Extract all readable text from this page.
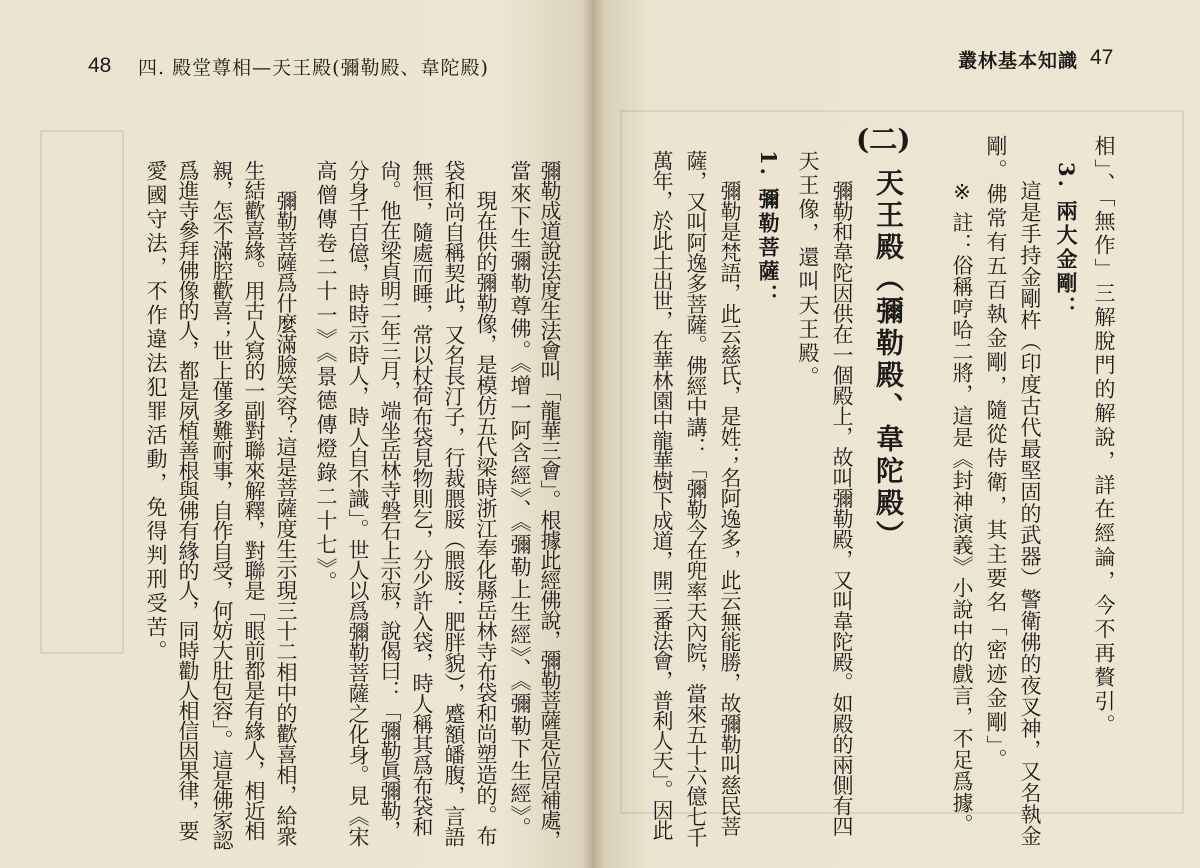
48 四. 殿堂尊相—天王殿(彌勒殿、韋陀殿)
彌勒成道說法度生法會叫「龍華三會」。根據此經佛說，彌勒菩薩是位居補處，
當來下生彌勒尊佛。《增一阿含經》、《彌勒上生經》、《彌勒下生經》。
現在供的彌勒像，是模仿五代梁時浙江奉化縣岳林寺布袋和尚塑造的。布
袋和尚自稱契此，又名長汀子，行裁腲脮（腲脮：肥胖貌），蹙額皤腹，言語
無恒，隨處而睡，常以杖荷布袋見物則乞，分少許入袋，時人稱其爲布袋和
尙。他在梁貞明二年三月，端坐岳林寺磐石上示寂，說偈曰：「彌勒眞彌勒，
分身千百億，時時示時人，時人自不識」。世人以爲彌勒菩薩之化身。見《宋
高僧傳卷二十一》《景德傳燈錄二十七》。
彌勒菩薩爲什麼滿臉笑容？這是菩薩度生示現三十二相中的歡喜相，給衆
生結歡喜緣。用古人寫的一副對聯來解釋，對聯是「眼前都是有緣人，相近相
親，怎不滿腔歡喜；世上僅多難耐事，自作自受，何妨大肚包容」。這是佛家認
爲進寺參拜佛像的人，都是夙植善根與佛有緣的人，同時勸人相信因果律，要
愛國守法，不作違法犯罪活動，免得判刑受苦。
叢林基本知識 47
相」、「無作」三解脫門的解說，詳在經論，今不再贅引。
3. 兩大金剛：
這是手持金剛杵（印度古代最堅固的武器）警衛佛的夜叉神，又名執金
剛。佛常有五百執金剛，隨從侍衛，其主要名「密迹金剛」。
※ 註：俗稱哼哈二將，這是《封神演義》小說中的戲言，不足爲據。
(二)
天王殿（彌勒殿、韋陀殿）
彌勒和韋陀因供在一個殿上，故叫彌勒殿，又叫韋陀殿。如殿的兩側有四
天王像，還叫天王殿。
1. 彌勒菩薩：
彌勒是梵語，此云慈氏，是姓；名阿逸多，此云無能勝，故彌勒叫慈民菩
薩，又叫阿逸多菩薩。佛經中講：「彌勒今在兜率天內院，當來五十六億七千
萬年，於此土出世，在華林園中龍華樹下成道，開三番法會，普利人天」。因此
